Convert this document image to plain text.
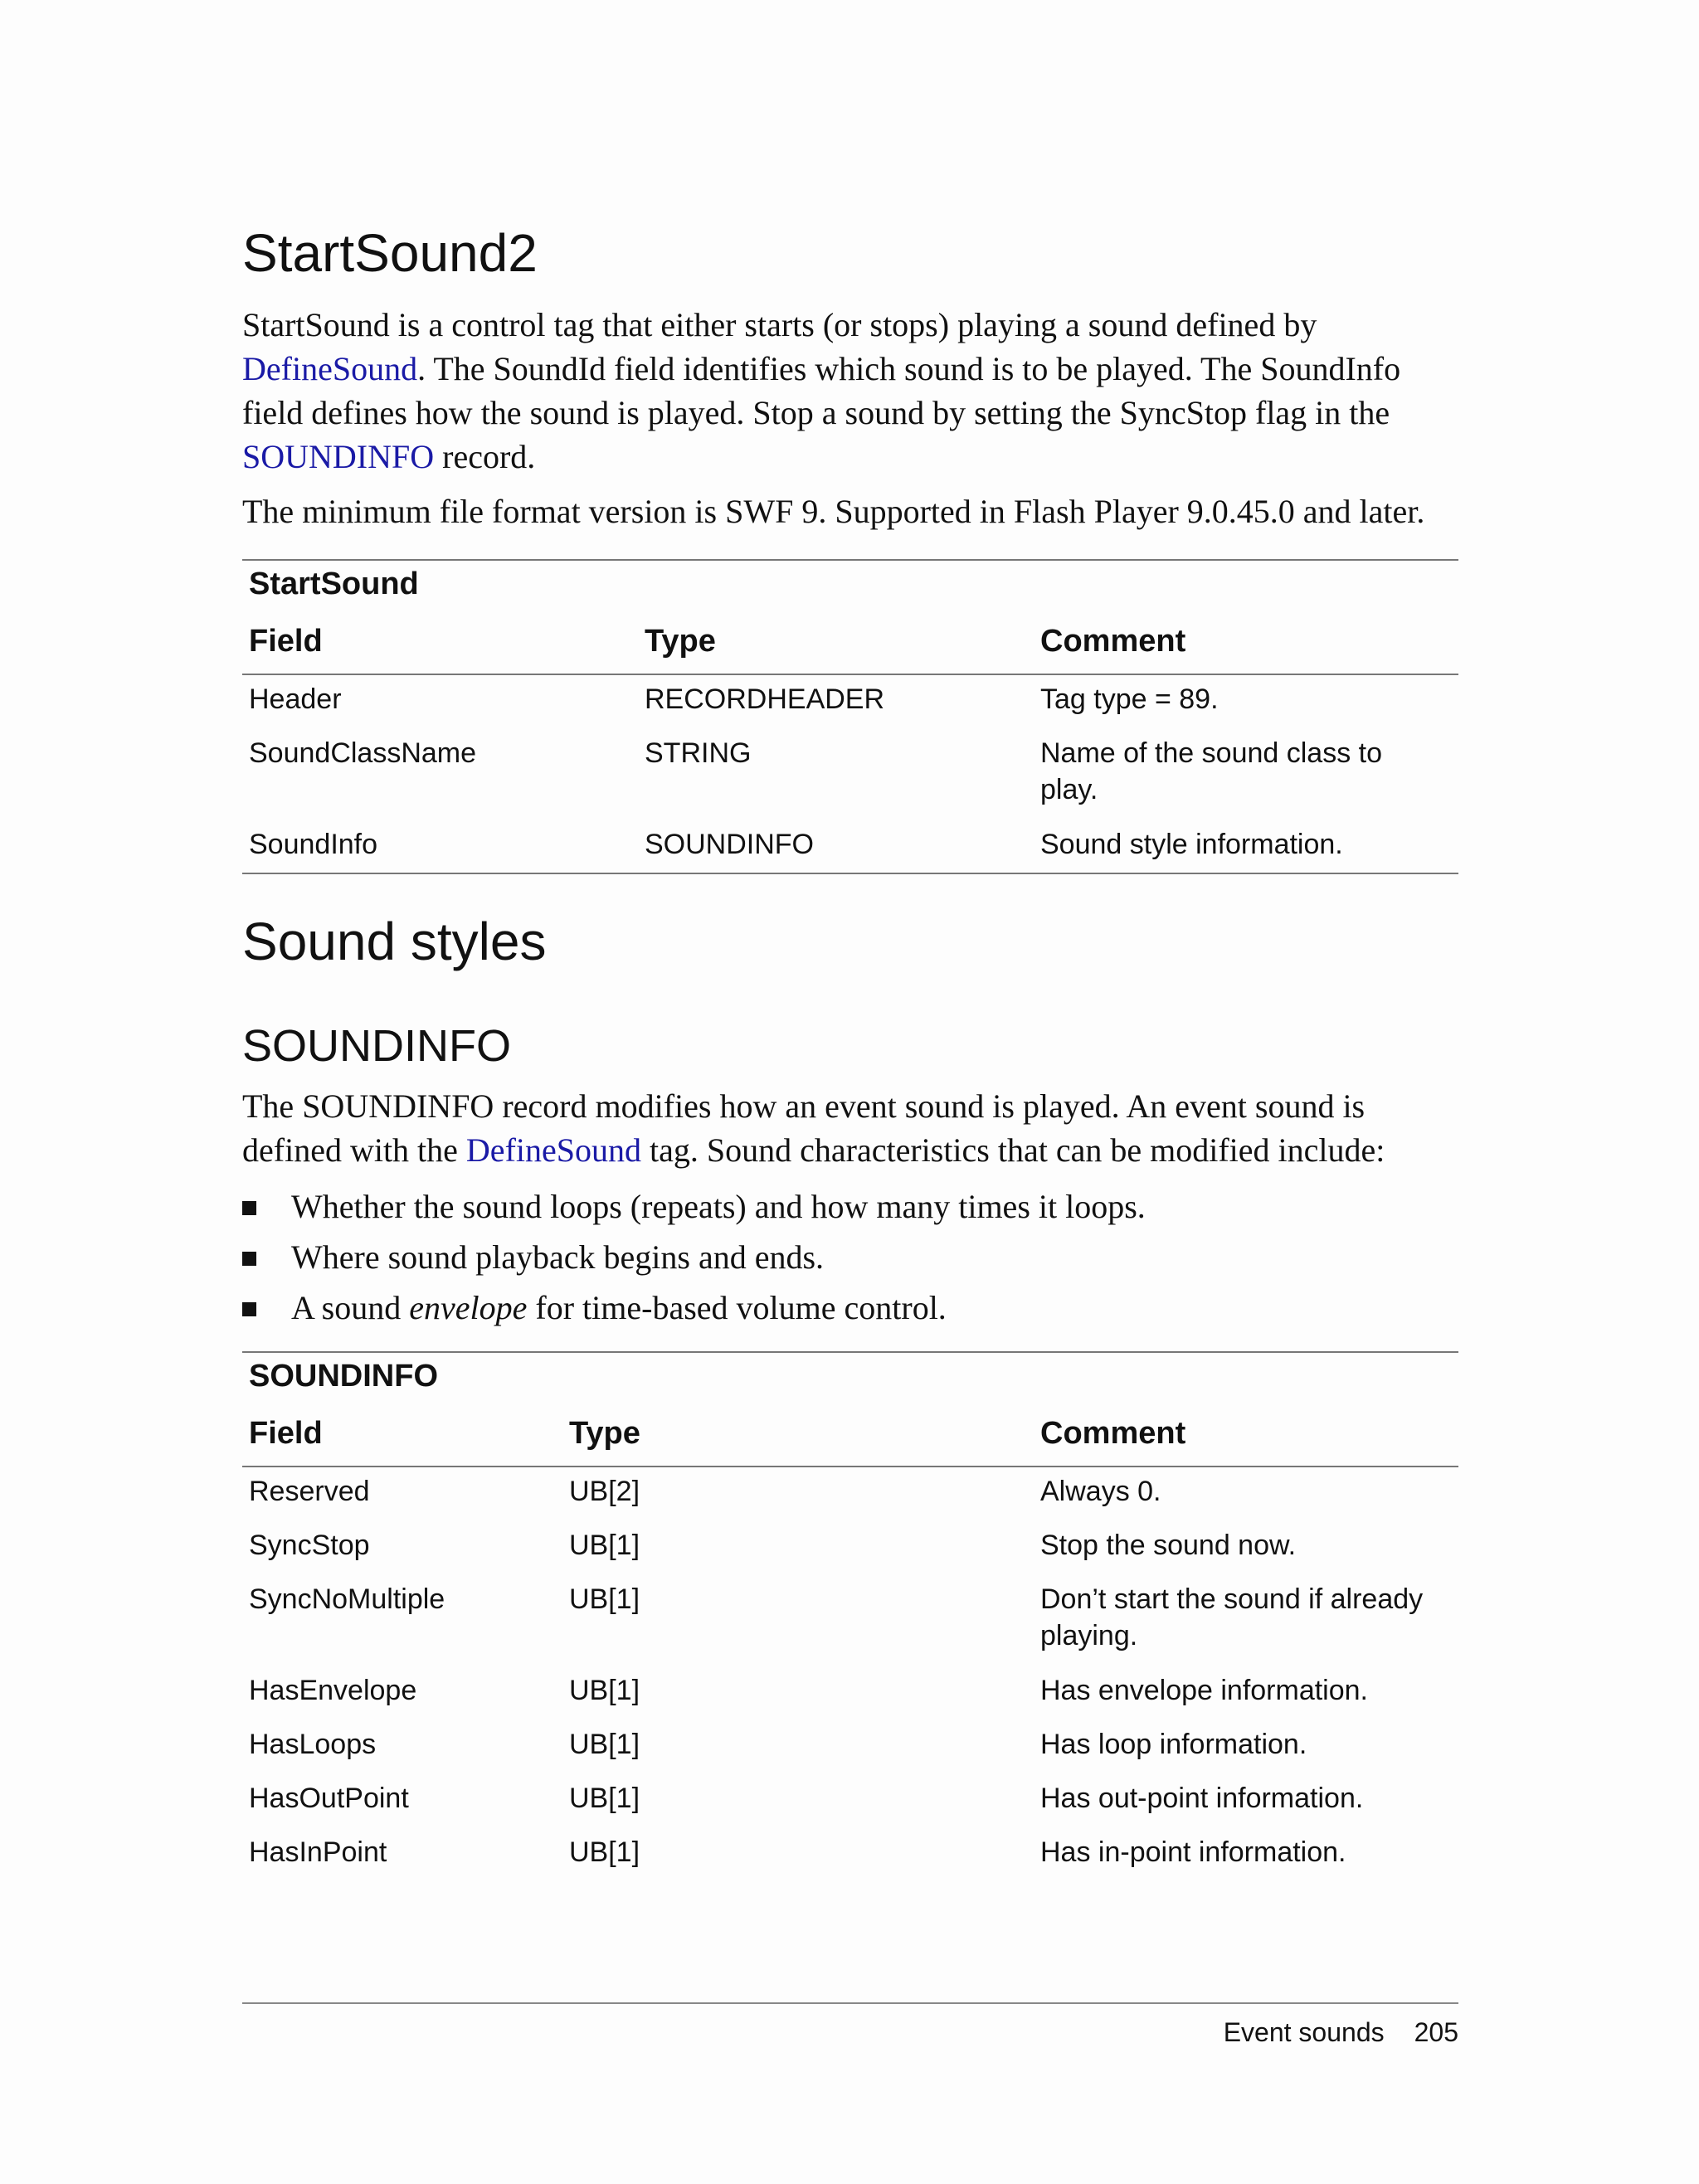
StartSound2
StartSound is a control tag that either starts (or stops) playing a sound defined by DefineSound. The SoundId field identifies which sound is to be played. The SoundInfo field defines how the sound is played. Stop a sound by setting the SyncStop flag in the SOUNDINFO record.
The minimum file format version is SWF 9. Supported in Flash Player 9.0.45.0 and later.
StartSound
Field	Type	Comment
Header	RECORDHEADER	Tag type = 89.
SoundClassName	STRING	Name of the sound class to play.
SoundInfo	SOUNDINFO	Sound style information.
Sound styles
SOUNDINFO
The SOUNDINFO record modifies how an event sound is played. An event sound is defined with the DefineSound tag. Sound characteristics that can be modified include:
Whether the sound loops (repeats) and how many times it loops.
Where sound playback begins and ends.
A sound envelope for time-based volume control.
SOUNDINFO
Field	Type	Comment
Reserved	UB[2]	Always 0.
SyncStop	UB[1]	Stop the sound now.
SyncNoMultiple	UB[1]	Don’t start the sound if already playing.
HasEnvelope	UB[1]	Has envelope information.
HasLoops	UB[1]	Has loop information.
HasOutPoint	UB[1]	Has out-point information.
HasInPoint	UB[1]	Has in-point information.
Event sounds 205
